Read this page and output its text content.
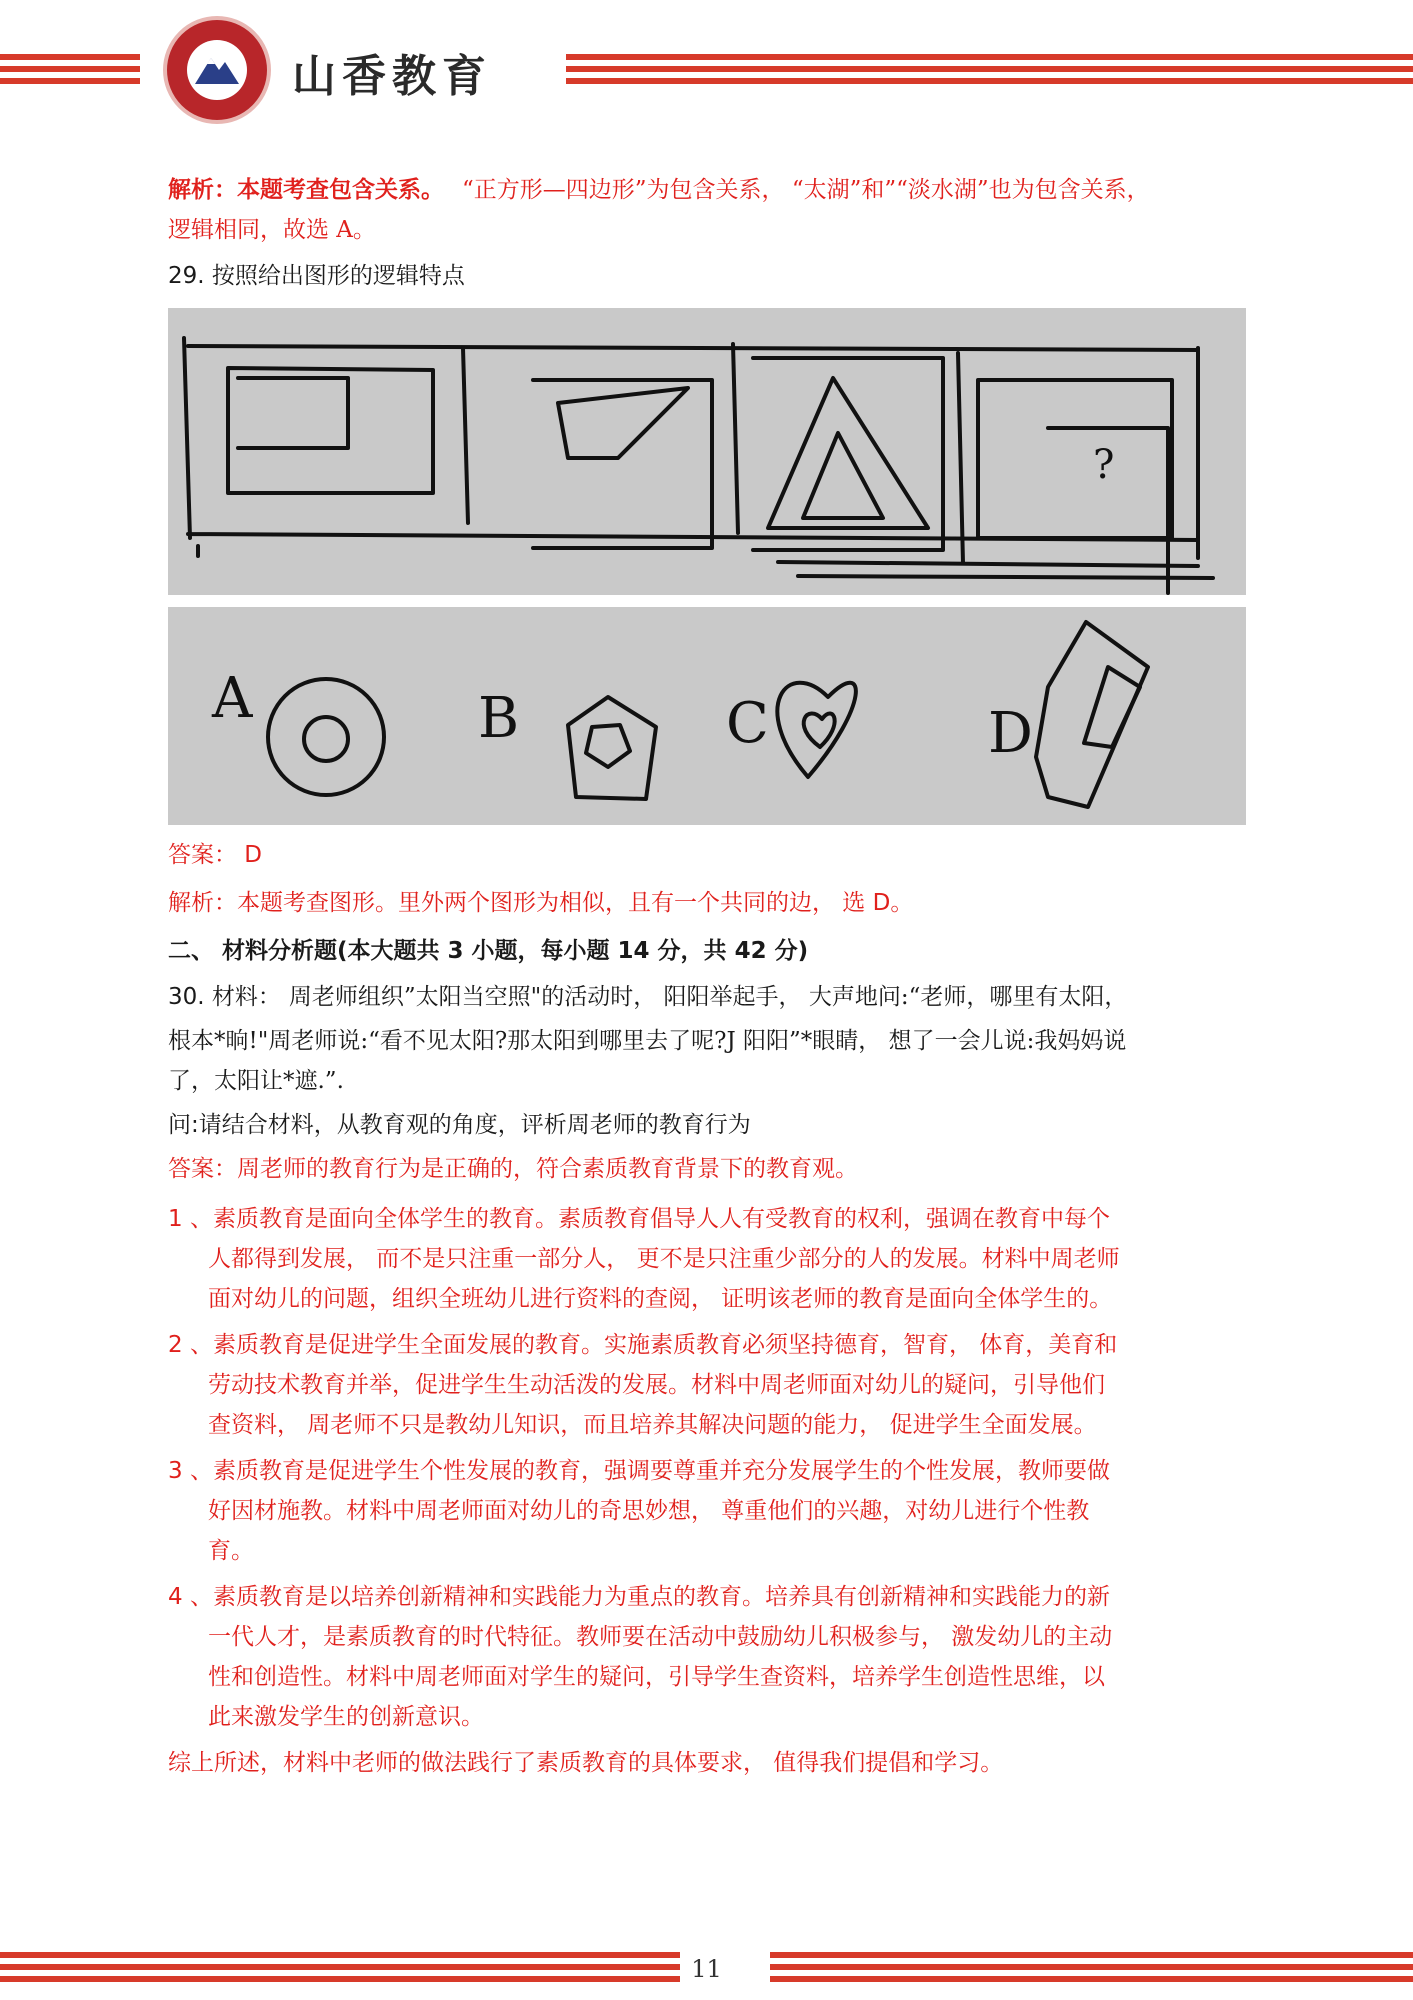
山香教育
解析：本题考查包含关系。 “正方形—四边形”为包含关系， “太湖”和”“淡水湖”也为包含关系，
逻辑相同，故选 A。
29. 按照给出图形的逻辑特点
?
A	B	C	D
答案： D
解析：本题考查图形。里外两个图形为相似，且有一个共同的边， 选 D。
二、 材料分析题(本大题共 3 小题，每小题 14 分，共 42 分)
30. 材料： 周老师组织”太阳当空照"的活动时， 阳阳举起手， 大声地问:“老师，哪里有太阳，
根本*晌!"周老师说:“看不见太阳?那太阳到哪里去了呢?J 阳阳”*眼睛， 想了一会儿说:我妈妈说
了，太阳让*遮.”.
问:请结合材料，从教育观的角度，评析周老师的教育行为
答案：周老师的教育行为是正确的，符合素质教育背景下的教育观。
1 、素质教育是面向全体学生的教育。素质教育倡导人人有受教育的权利，强调在教育中每个
人都得到发展， 而不是只注重一部分人， 更不是只注重少部分的人的发展。材料中周老师
面对幼儿的问题，组织全班幼儿进行资料的查阅， 证明该老师的教育是面向全体学生的。
2 、素质教育是促进学生全面发展的教育。实施素质教育必须坚持德育，智育， 体育，美育和
劳动技术教育并举，促进学生生动活泼的发展。材料中周老师面对幼儿的疑问，引导他们
查资料， 周老师不只是教幼儿知识，而且培养其解决问题的能力， 促进学生全面发展。
3 、素质教育是促进学生个性发展的教育，强调要尊重并充分发展学生的个性发展，教师要做
好因材施教。材料中周老师面对幼儿的奇思妙想， 尊重他们的兴趣，对幼儿进行个性教
育。
4 、素质教育是以培养创新精神和实践能力为重点的教育。培养具有创新精神和实践能力的新
一代人才，是素质教育的时代特征。教师要在活动中鼓励幼儿积极参与， 激发幼儿的主动
性和创造性。材料中周老师面对学生的疑问，引导学生查资料，培养学生创造性思维，以
此来激发学生的创新意识。
综上所述，材料中老师的做法践行了素质教育的具体要求， 值得我们提倡和学习。
11
